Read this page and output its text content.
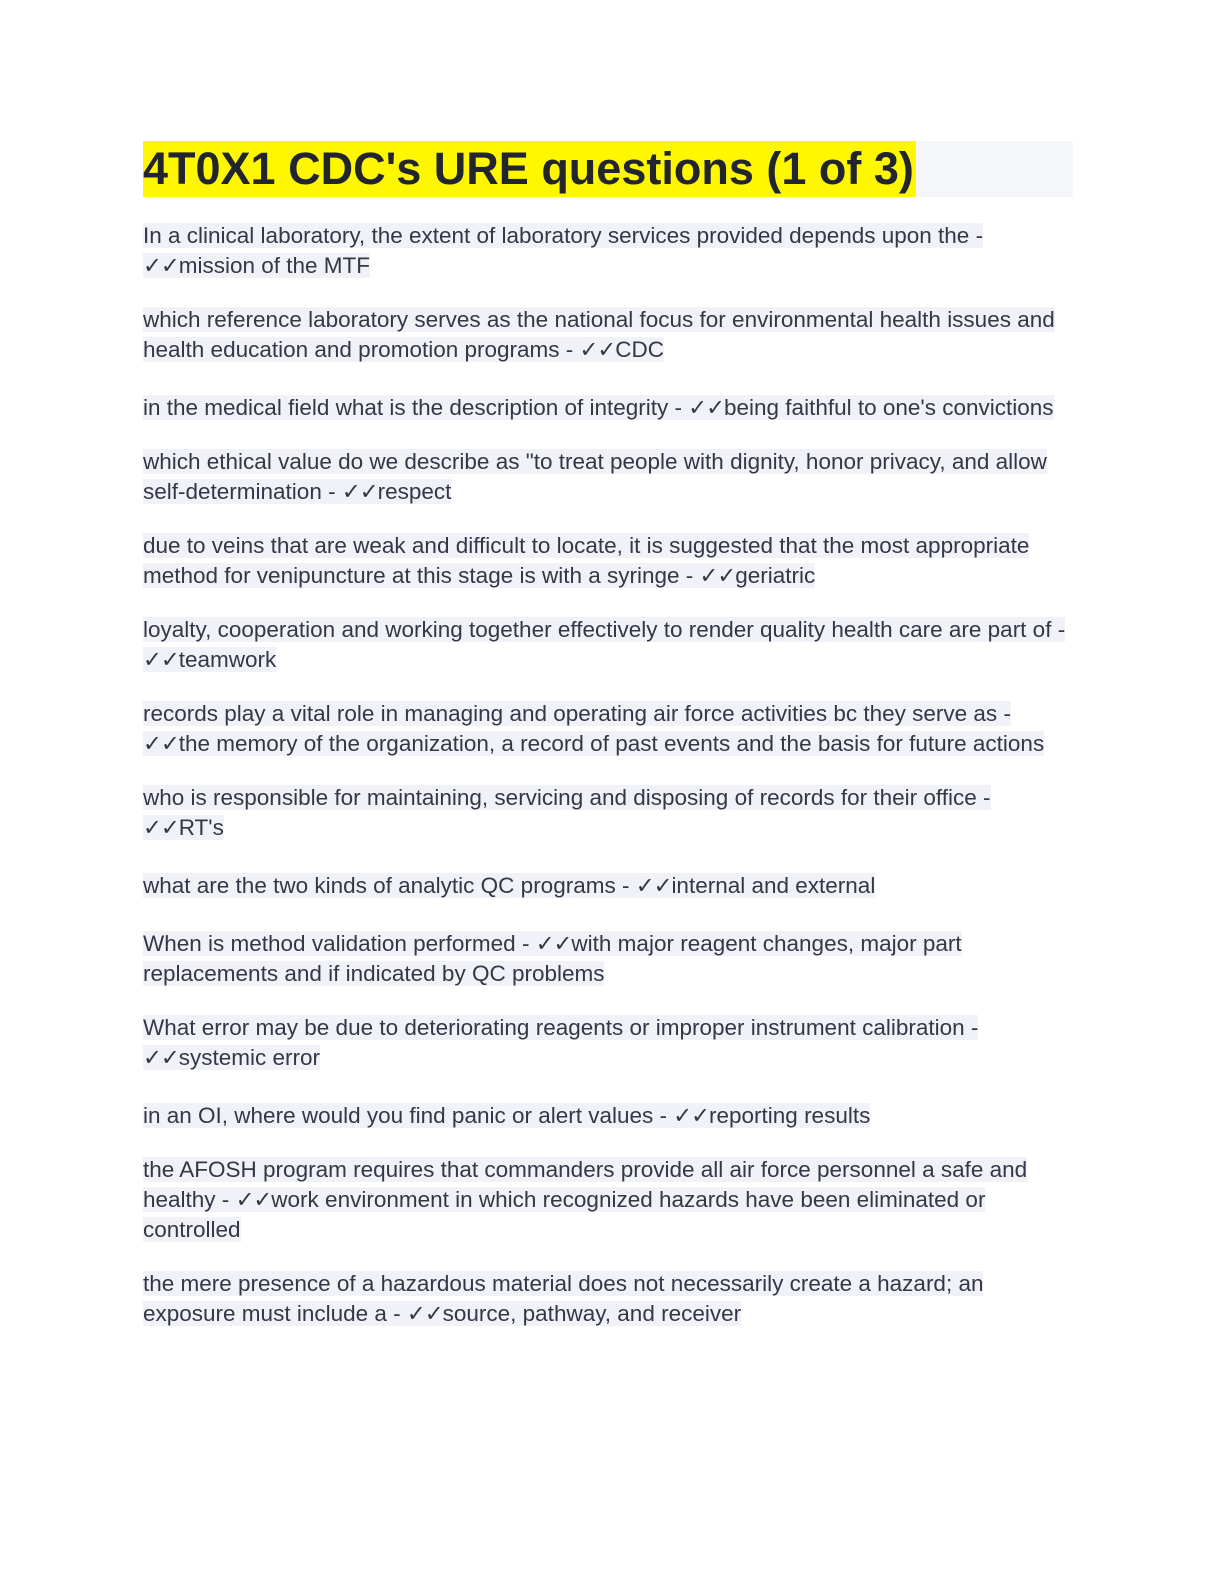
4T0X1 CDC's URE questions (1 of 3)

In a clinical laboratory, the extent of laboratory services provided depends upon the - ✓✓mission of the MTF

which reference laboratory serves as the national focus for environmental health issues and health education and promotion programs - ✓✓CDC

in the medical field what is the description of integrity - ✓✓being faithful to one's convictions

which ethical value do we describe as "to treat people with dignity, honor privacy, and allow self-determination - ✓✓respect

due to veins that are weak and difficult to locate, it is suggested that the most appropriate method for venipuncture at this stage is with a syringe - ✓✓geriatric

loyalty, cooperation and working together effectively to render quality health care are part of - ✓✓teamwork

records play a vital role in managing and operating air force activities bc they serve as - ✓✓the memory of the organization, a record of past events and the basis for future actions

who is responsible for maintaining, servicing and disposing of records for their office - ✓✓RT's

what are the two kinds of analytic QC programs - ✓✓internal and external

When is method validation performed - ✓✓with major reagent changes, major part replacements and if indicated by QC problems

What error may be due to deteriorating reagents or improper instrument calibration - ✓✓systemic error

in an OI, where would you find panic or alert values - ✓✓reporting results

the AFOSH program requires that commanders provide all air force personnel a safe and healthy - ✓✓work environment in which recognized hazards have been eliminated or controlled

the mere presence of a hazardous material does not necessarily create a hazard; an exposure must include a - ✓✓source, pathway, and receiver
